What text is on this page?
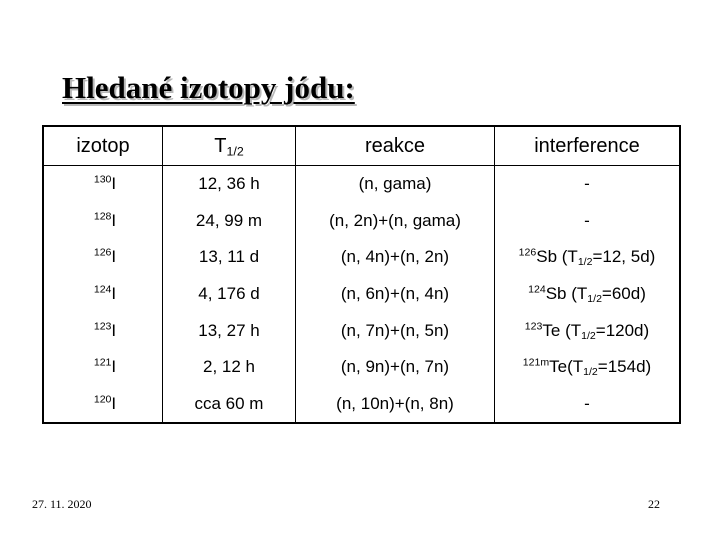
Hledané izotopy jódu:
izotop	$T_{1/2}$	reakce	interference
$^{130}$I	12, 36 h	(n, gama)	-
$^{128}$I	24, 99 m	(n, 2n)+(n, gama)	-
$^{126}$I	13, 11 d	(n, 4n)+(n, 2n)	$^{126}$Sb ($T_{1/2}=12$, 5d)
$^{124}$I	4, 176 d	(n, 6n)+(n, 4n)	$^{124}$Sb $(T_{1/2}=60d)$
$^{123}$I	13, 27 h	(n, 7n)+(n, 5n)	$^{123}$Te $(T_{1/2}=120d)$
$^{121}$I	2, 12 h	(n, 9n)+(n, 7n)	$^{121m}Te(T_{1/2}=154d)$
$^{120}$I	cca 60 m	(n, 10n)+(n, 8n)	-
27. 11. 2020	22
